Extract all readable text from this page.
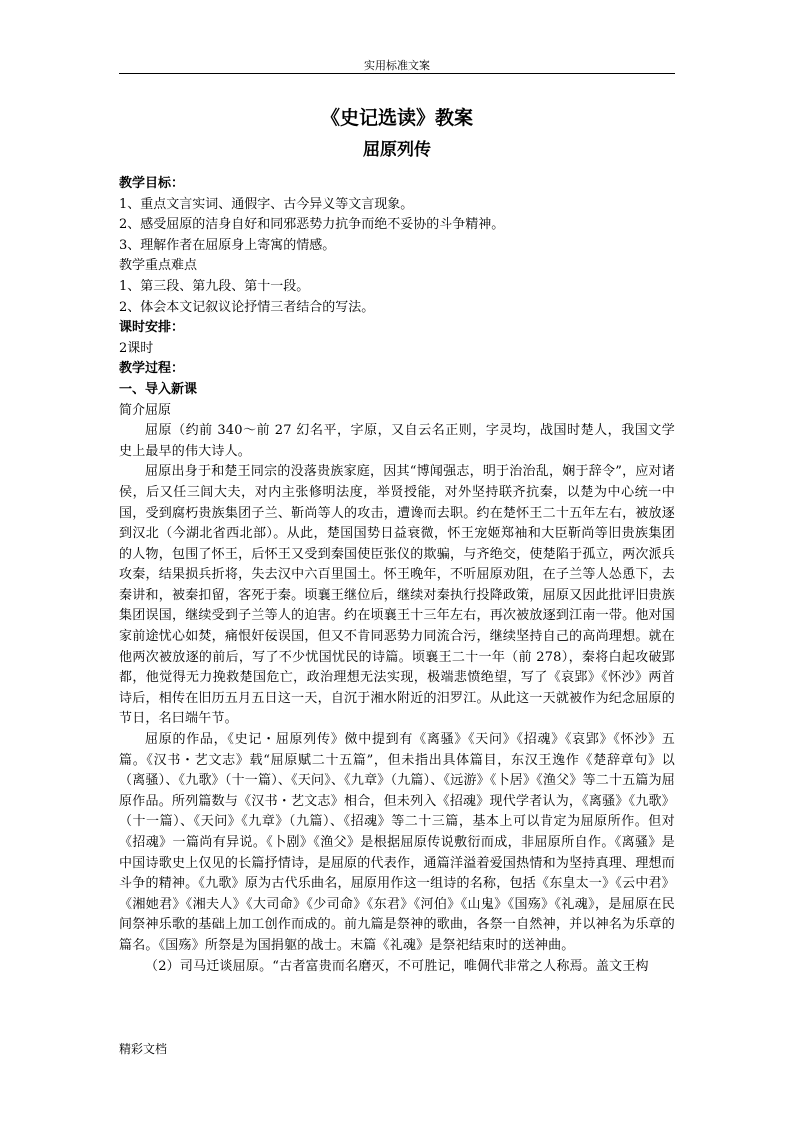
实用标准文案
《史记选读》教案
屈原列传

教学目标：

1、重点文言实词、通假字、古今异义等文言现象。

2、感受屈原的洁身自好和同邪恶势力抗争而绝不妥协的斗争精神。

3、理解作者在屈原身上寄寓的情感。

教学重点难点

1、第三段、第九段、第十一段。

2、体会本文记叙议论抒情三者结合的写法。

课时安排：

2课时

教学过程：

一、导入新课

简介屈原

屈原（约前 340～前 27 幻名平，字原，又自云名正则，字灵均，战国时楚人，我国文学史上最早的伟大诗人。

屈原出身于和楚王同宗的没落贵族家庭，因其“博闻强志，明于治治乱，娴于辞令”，应对诸侯，后又任三闾大夫，对内主张修明法度，举贤授能，对外坚持联齐抗秦，以楚为中心统一中国，受到腐朽贵族集团子兰、靳尚等人的攻击，遭谗而去职。约在楚怀王二十五年左右，被放逐到汉北（今湖北省西北部）。从此，楚国国势日益衰微，怀王宠姬郑袖和大臣靳尚等旧贵族集团的人物，包围了怀王，后怀王又受到秦国使臣张仪的欺骗，与齐绝交，使楚陷于孤立，两次派兵攻秦，结果损兵折将，失去汉中六百里国土。怀王晚年，不听屈原劝阻，在子兰等人怂恿下，去秦讲和，被秦扣留，客死于秦。顷襄王继位后，继续对秦执行投降政策，屈原又因此批评旧贵族集团误国，继续受到子兰等人的迫害。约在顷襄王十三年左右，再次被放逐到江南一带。他对国家前途忧心如焚，痛恨奸佞误国，但又不肯同恶势力同流合污，继续坚持自己的高尚理想。就在他两次被放逐的前后，写了不少忧国忧民的诗篇。顷襄王二十一年（前 278），秦将白起攻破郢都，他觉得无力挽救楚国危亡，政治理想无法实现，极端悲愤绝望，写了《哀郢》《怀沙》两首诗后，相传在旧历五月五日这一天，自沉于湘水附近的汨罗江。从此这一天就被作为纪念屈原的节日，名曰端午节。

屈原的作品，《史记・屈原列传》傚中提到有《离骚》《天问》《招魂》《哀郢》《怀沙》五篇。《汉书・艺文志》载“屈原赋二十五篇”，但未指出具体篇目，东汉王逸作《楚辞章句》以（离骚）、《九歌》（十一篇）、《天问》、《九章》（九篇）、《远游》《卜居》《渔父》等二十五篇为屈原作品。所列篇数与《汉书・艺文志》相合，但未列入《招魂》现代学者认为，《离骚》《九歌》（十一篇）、《天问》《九章》（九篇）、《招魂》等二十三篇，基本上可以肯定为屈原所作。但对《招魂》一篇尚有异说。《卜剧》《渔父》是根据屈原传说敷衍而成，非屈原所自作。《离骚》是中国诗歌史上仅见的长篇抒情诗，是屈原的代表作，通篇洋溢着爱国热情和为坚持真理、理想而斗争的精神。《九歌》原为古代乐曲名，屈原用作这一组诗的名称，包括《东皇太一》《云中君》《湘她君》《湘夫人》《大司命》《少司命》《东君》《河伯》《山鬼》《国殇》《礼魂》，是屈原在民间祭神乐歌的基础上加工创作而成的。前九篇是祭神的歌曲，各祭一自然神，并以神名为乐章的篇名。《国殇》所祭是为国捐躯的战士。末篇《礼魂》是祭祀结束时的送神曲。

（2）司马迁谈屈原。“古者富贵而名磨灭，不可胜记，唯倜代非常之人称焉。盖文王构

精彩文档
